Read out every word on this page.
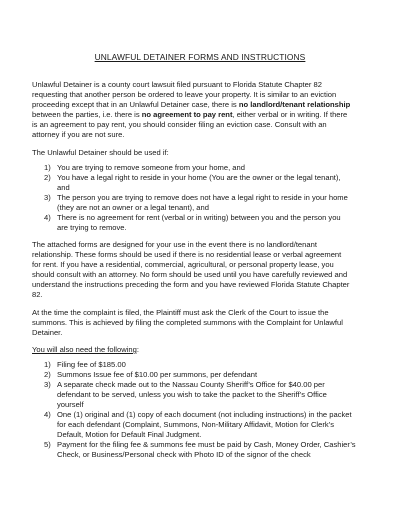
UNLAWFUL DETAINER FORMS AND INSTRUCTIONS
Unlawful Detainer is a county court lawsuit filed pursuant to Florida Statute Chapter 82
requesting that another person be ordered to leave your property. It is similar to an eviction
proceeding except that in an Unlawful Detainer case, there is no landlord/tenant relationship
between the parties, i.e. there is no agreement to pay rent, either verbal or in writing. If there
is an agreement to pay rent, you should consider filing an eviction case. Consult with an
attorney if you are not sure.
The Unlawful Detainer should be used if:
1) You are trying to remove someone from your home, and
2) You have a legal right to reside in your home (You are the owner or the legal tenant),
and
3) The person you are trying to remove does not have a legal right to reside in your home
(they are not an owner or a legal tenant), and
4) There is no agreement for rent (verbal or in writing) between you and the person you
are trying to remove.
The attached forms are designed for your use in the event there is no landlord/tenant
relationship. These forms should be used if there is no residential lease or verbal agreement
for rent. If you have a residential, commercial, agricultural, or personal property lease, you
should consult with an attorney. No form should be used until you have carefully reviewed and
understand the instructions preceding the form and you have reviewed Florida Statute Chapter
82.
At the time the complaint is filed, the Plaintiff must ask the Clerk of the Court to issue the
summons. This is achieved by filing the completed summons with the Complaint for Unlawful
Detainer.
You will also need the following:
1) Filing fee of $185.00
2) Summons Issue fee of $10.00 per summons, per defendant
3) A separate check made out to the Nassau County Sheriff’s Office for $40.00 per
defendant to be served, unless you wish to take the packet to the Sheriff’s Office
yourself
4) One (1) original and (1) copy of each document (not including instructions) in the packet
for each defendant (Complaint, Summons, Non-Military Affidavit, Motion for Clerk’s
Default, Motion for Default Final Judgment.
5) Payment for the filing fee & summons fee must be paid by Cash, Money Order, Cashier’s
Check, or Business/Personal check with Photo ID of the signor of the check
